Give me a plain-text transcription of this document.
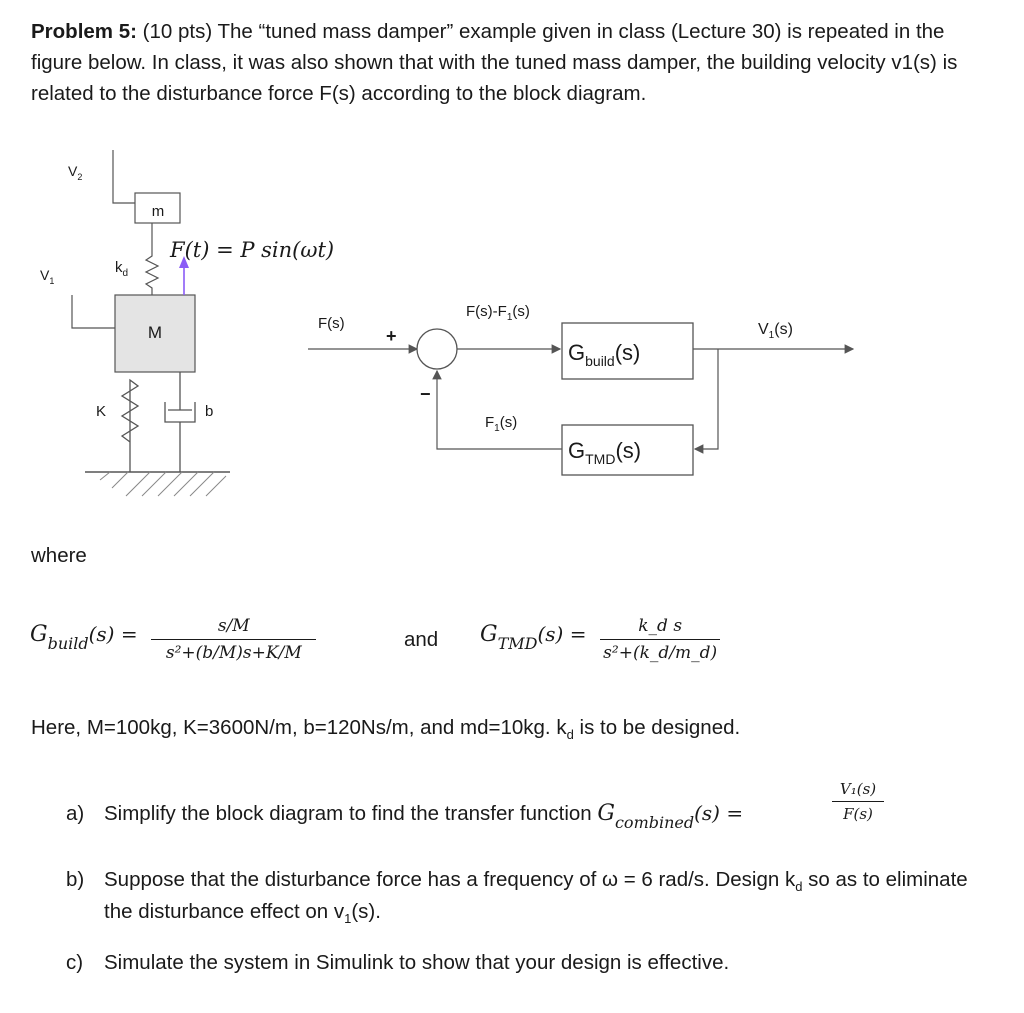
Problem 5: (10 pts) The “tuned mass damper” example given in class (Lecture 30) is repeated in the figure below. In class, it was also shown that with the tuned mass damper, the building velocity v1(s) is related to the disturbance force F(s) according to the block diagram.
$V_2$
$V_1$
m
$k_d$
F(t) = P sin(ωt)
M
K	b
F(s)
+
−
$F(s)-F_1(s)$
$G_{build}(s)$
$V_1(s)$
$F_1(s)$
$G_{TMD}(s)$
where
$G_{build}(s) = \frac{s/M}{\text{s²+(b/M)s+K/M}}$	and $G_{TMD}(s) = \frac{\text{k\_d s}}{\text{s²+(k\_d/m\_d)}}$
Here, M=100kg, K=3600N/m, b=120Ns/m, and md=10kg. $k_d$ is to be designed.
a) Simplify the block diagram to find the transfer function $G_{combined}(s)$ =	$\frac{\text{V₁(s)}}{F(s)}$
b) Suppose that the disturbance force has a frequency of ω = 6 rad/s. Design $k_d$ so as to eliminate the disturbance effect on $v_1(s)$.
c) Simulate the system in Simulink to show that your design is effective.
